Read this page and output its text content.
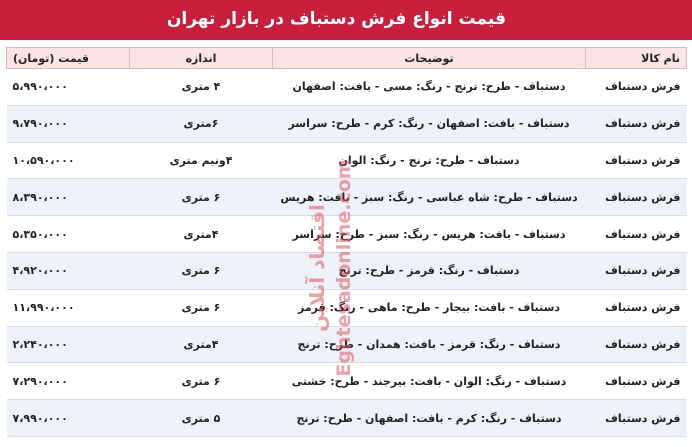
قیمت انواع فرش دستباف در بازار تهران
نام کالا	توضیحات	اندازه	قیمت (تومان)
فرش دستباف	دستباف - طرح: ترنج - رنگ: مسی - بافت: اصفهان	۴ متری	۵،۹۹۰،۰۰۰
فرش دستباف	دستباف - بافت: اصفهان - رنگ: کرم - طرح: سراسر	۶متری	۹،۷۹۰،۰۰۰
فرش دستباف	دستباف - طرح: ترنج - رنگ: الوان	۴ونیم متری	۱۰،۵۹۰،۰۰۰
فرش دستباف	دستباف - طرح: شاه عباسی - رنگ: سبز - بافت: هریس	۶ متری	۸،۳۹۰،۰۰۰
فرش دستباف	دستباف - بافت: هریس - رنگ: سبز - طرح: سراسر	۴متری	۵،۳۵۰،۰۰۰
فرش دستباف	دستباف - رنگ: قرمز - طرح: ترنج	۶ متری	۴،۹۲۰،۰۰۰
فرش دستباف	دستباف - بافت: بیجار - طرح: ماهی - رنگ: قرمز	۶ متری	۱۱،۹۹۰،۰۰۰
فرش دستباف	دستباف - رنگ: قرمز - بافت: همدان - طرح: ترنج	۴متری	۲،۲۴۰،۰۰۰
فرش دستباف	دستباف - رنگ: الوان - بافت: بیرجند - طرح: خشتی	۶ متری	۷،۲۹۰،۰۰۰
فرش دستباف	دستباف - رنگ: کرم - بافت: اصفهان - طرح: ترنج	۵ متری	۷،۹۹۰،۰۰۰
اقتصاد آنلاین Eghtesadonline.com
